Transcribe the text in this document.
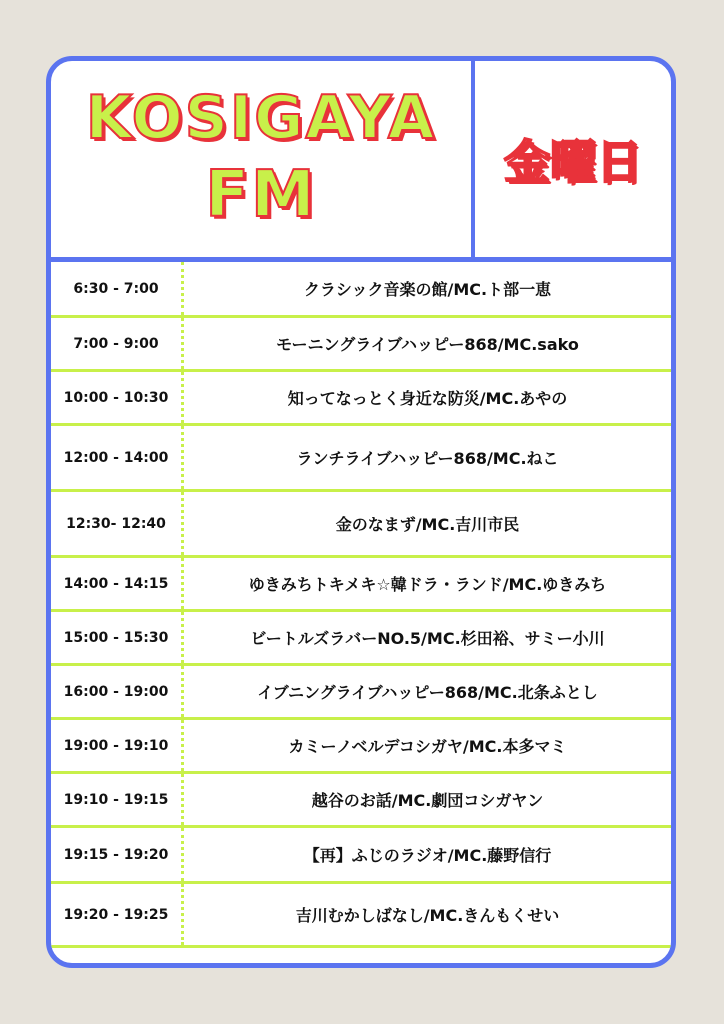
KOSIGAYA
FM	金曜日
6:30 - 7:00	クラシック音楽の館/MC.ト部一恵
7:00 - 9:00	モーニングライブハッピー868/MC.sako
10:00 - 10:30	知ってなっとく身近な防災/MC.あやの
12:00 - 14:00	ランチライブハッピー868/MC.ねこ
12:30- 12:40	金のなまず/MC.吉川市民
14:00 - 14:15	ゆきみちトキメキ☆韓ドラ・ランド/MC.ゆきみち
15:00 - 15:30	ビートルズラバーNO.5/MC.杉田裕、サミー小川
16:00 - 19:00	イブニングライブハッピー868/MC.北条ふとし
19:00 - 19:10	カミーノベルデコシガヤ/MC.本多マミ
19:10 - 19:15	越谷のお話/MC.劇団コシガヤン
19:15 - 19:20	【再】ふじのラジオ/MC.藤野信行
19:20 - 19:25	吉川むかしばなし/MC.きんもくせい
